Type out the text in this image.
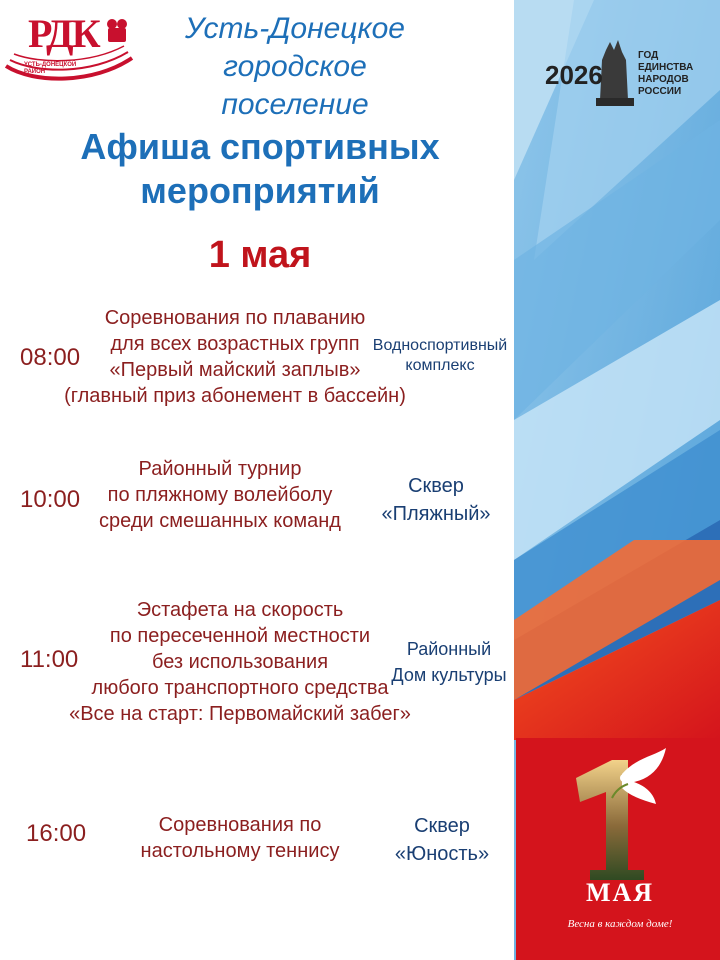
РДК
УСТЬ-ДОНЕЦКОЙ РАЙОН
Усть-Донецкое
городское поселение
Афиша спортивных
мероприятий
1 мая
08:00
Соревнования по плаванию
для всех возрастных групп
«Первый майский заплыв»
(главный приз абонемент в бассейн)
Водноспортивный
комплекс
10:00
Районный турнир
по пляжному волейболу
среди смешанных команд
Сквер
«Пляжный»
11:00
Эстафета на скорость
по пересеченной местности
без использования
любого транспортного средства
«Все на старт: Первомайский забег»
Районный
Дом культуры
16:00	Соревнования по
настольному теннису
Сквер
«Юность»
2026
ГОД
ЕДИНСТВА
НАРОДОВ
РОССИИ
МАЯ
Весна в каждом доме!
